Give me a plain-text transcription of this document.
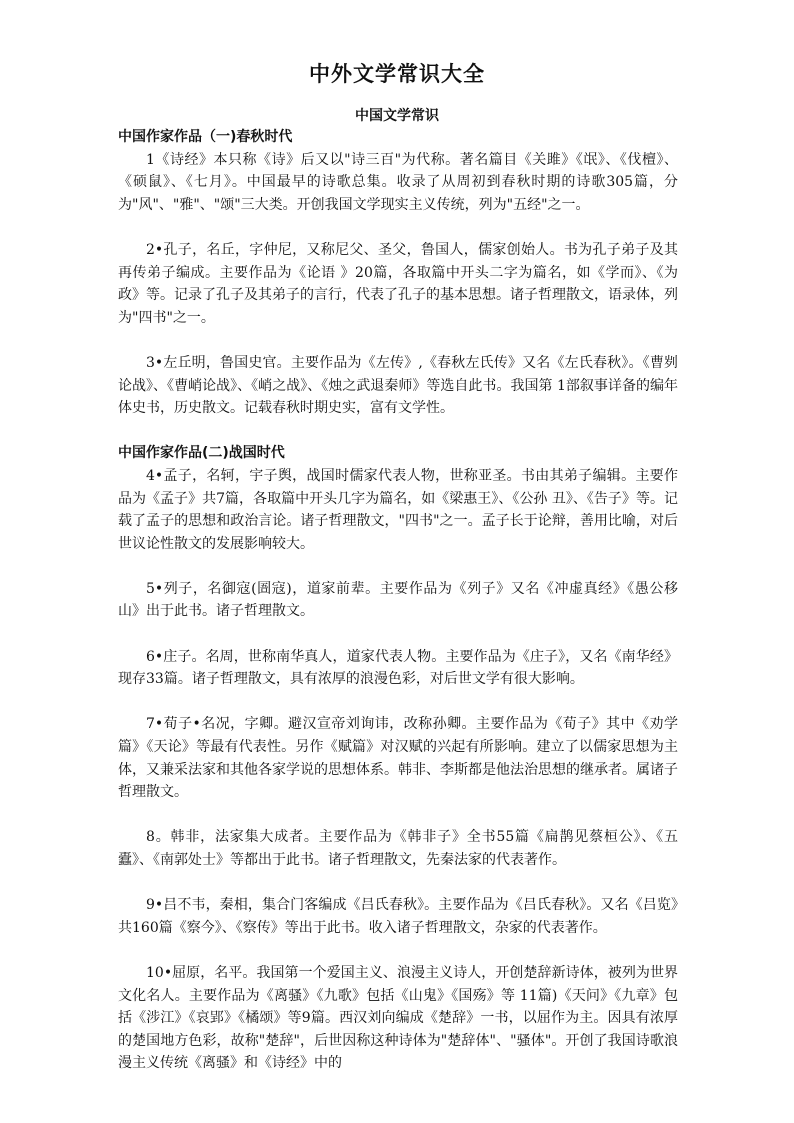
中外文学常识大全
中国文学常识
中国作家作品（一)春秋时代

1《诗经》本只称《诗》后又以"诗三百"为代称。著名篇目《关雎》《氓》、《伐檀》、《硕鼠》、《七月》。中国最早的诗歌总集。收录了从周初到春秋时期的诗歌305篇，分为"风"、"雅"、"颂"三大类。开创我国文学现实主义传统，列为"五经"之一。

2•孔子，名丘，字仲尼，又称尼父、圣父，鲁国人，儒家创始人。书为孔子弟子及其再传弟子编成。主要作品为《论语 》20篇，各取篇中开头二字为篇名，如《学而》、《为政》等。记录了孔子及其弟子的言行，代表了孔子的基本思想。诸子哲理散文，语录体，列为"四书"之一。

3•左丘明，鲁国史官。主要作品为《左传》,《春秋左氏传》又名《左氏春秋》。《曹刿论战》、《曹峭论战》、《峭之战》、《烛之武退秦师》等选自此书。我国第 1部叙事详备的编年体史书，历史散文。记载春秋时期史实，富有文学性。

中国作家作品(二)战国时代

4•孟子，名轲，宇子舆，战国时儒家代表人物，世称亚圣。书由其弟子编辑。主要作品为《孟子》共7篇，各取篇中开头几字为篇名，如《梁惠王》、《公孙 丑》、《告子》等。记载了孟子的思想和政治言论。诸子哲理散文，"四书"之一。孟子长于论辩，善用比喻，对后世议论性散文的发展影响较大。

5•列子，名御寇(圄寇)，道家前辈。主要作品为《列子》又名《冲虚真经》《愚公移山》出于此书。诸子哲理散文。

6•庄子。名周，世称南华真人，道家代表人物。主要作品为《庄子》，又名《南华经》现存33篇。诸子哲理散文，具有浓厚的浪漫色彩，对后世文学有很大影响。

7•荀子•名况，字卿。避汉宣帝刘询讳，改称孙卿。主要作品为《荀子》其中《劝学篇》《天论》等最有代表性。另作《赋篇》对汉赋的兴起有所影响。建立了以儒家思想为主体，又兼采法家和其他各家学说的思想体系。韩非、李斯都是他法治思想的继承者。属诸子哲理散文。

8。韩非，法家集大成者。主要作品为《韩非子》全书55篇《扁鹊见蔡桓公》、《五蠹》、《南郭处士》等都出于此书。诸子哲理散文，先秦法家的代表著作。

9•吕不韦，秦相，集合门客编成《吕氏春秋》。主要作品为《吕氏春秋》。又名《吕览》共160篇《察今》、《察传》等出于此书。收入诸子哲理散文，杂家的代表著作。

10•屈原，名平。我国第一个爱国主义、浪漫主义诗人，开创楚辞新诗体，被列为世界文化名人。主要作品为《离骚》《九歌》包括《山鬼》《国殇》等 11篇)《天问》《九章》包括《涉江》《哀郢》《橘颂》等9篇。西汉刘向编成《楚辞》一书，以屈作为主。因具有浓厚的楚国地方色彩，故称"楚辞"，后世因称这种诗体为"楚辞体"、"骚体"。开创了我国诗歌浪漫主义传统《离骚》和《诗经》中的
